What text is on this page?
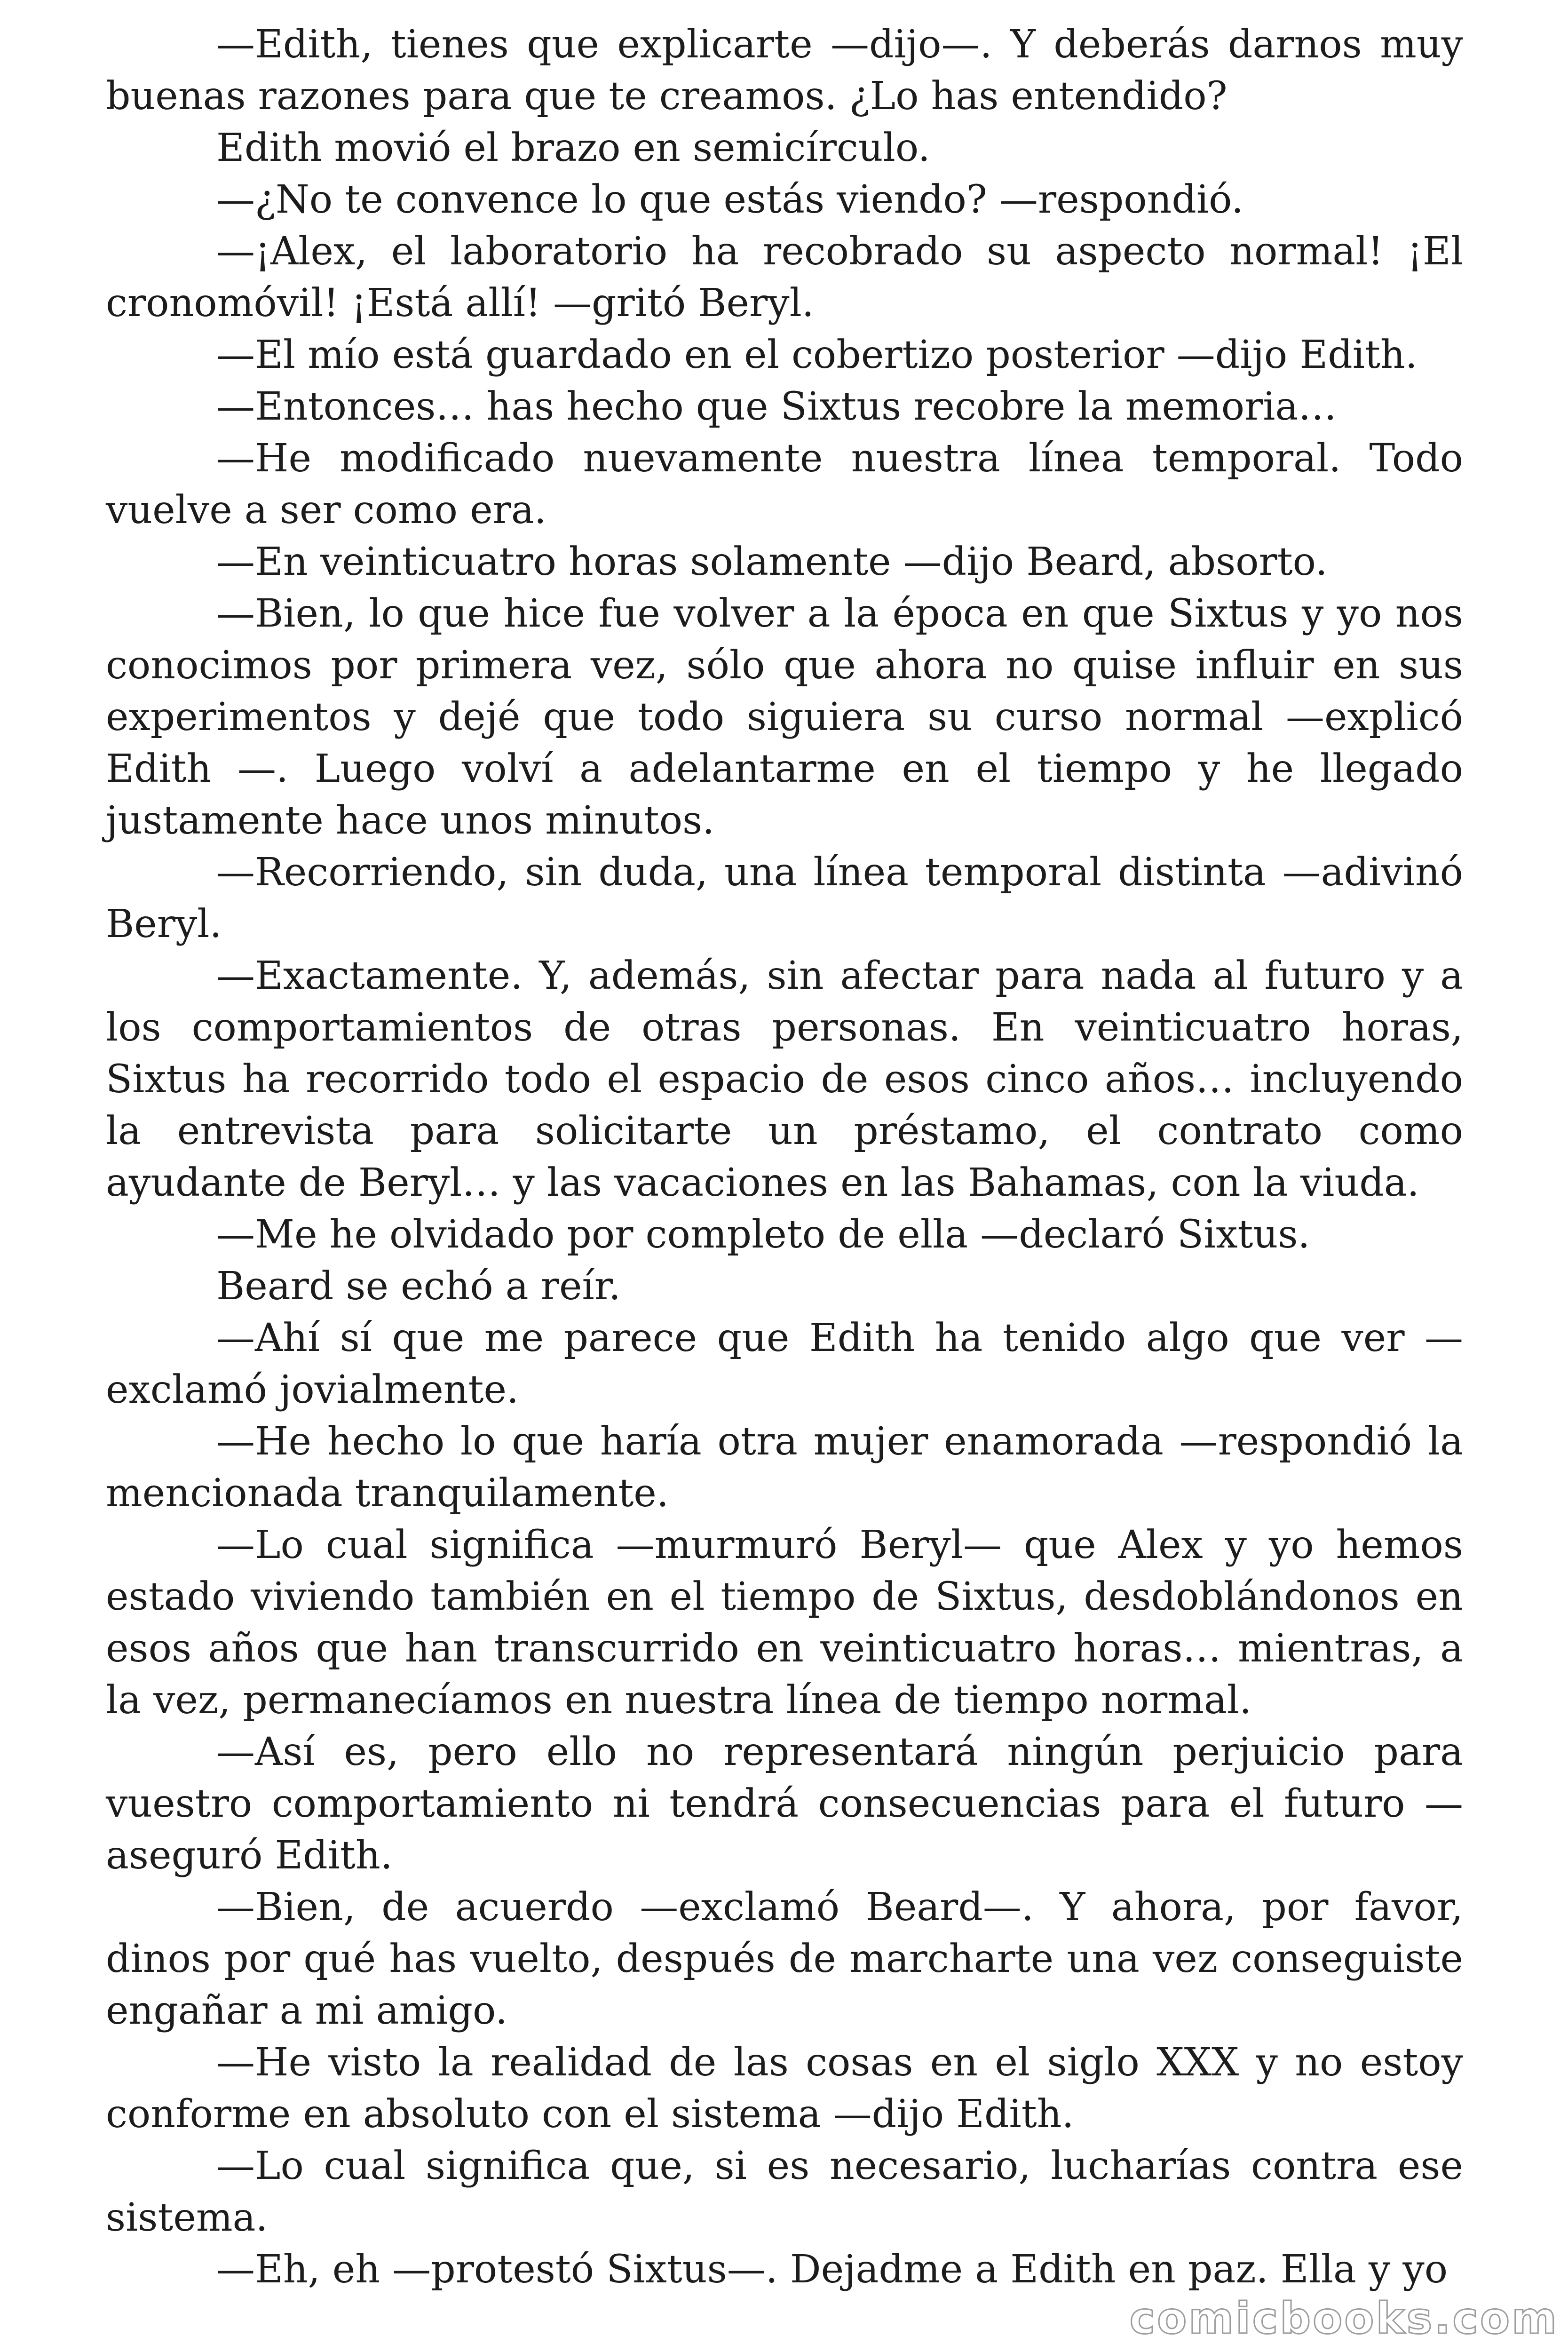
—Edith, tienes que explicarte —dijo—. Y deberás darnos muy buenas razones para que te creamos. ¿Lo has entendido?

Edith movió el brazo en semicírculo.

—¿No te convence lo que estás viendo? —respondió.

—¡Alex, el laboratorio ha recobrado su aspecto normal! ¡El cronomóvil! ¡Está allí! —gritó Beryl.

—El mío está guardado en el cobertizo posterior —dijo Edith.

—Entonces… has hecho que Sixtus recobre la memoria…

—He modificado nuevamente nuestra línea temporal. Todo vuelve a ser como era.

—En veinticuatro horas solamente —dijo Beard, absorto.

—Bien, lo que hice fue volver a la época en que Sixtus y yo nos conocimos por primera vez, sólo que ahora no quise influir en sus experimentos y dejé que todo siguiera su curso normal —explicó Edith —. Luego volví a adelantarme en el tiempo y he llegado justamente hace unos minutos.

—Recorriendo, sin duda, una línea temporal distinta —adivinó Beryl.

—Exactamente. Y, además, sin afectar para nada al futuro y a los comportamientos de otras personas. En veinticuatro horas, Sixtus ha recorrido todo el espacio de esos cinco años… incluyendo la entrevista para solicitarte un préstamo, el contrato como ayudante de Beryl… y las vacaciones en las Bahamas, con la viuda.

—Me he olvidado por completo de ella —declaró Sixtus.

Beard se echó a reír.

—Ahí sí que me parece que Edith ha tenido algo que ver — exclamó jovialmente.

—He hecho lo que haría otra mujer enamorada —respondió la mencionada tranquilamente.

—Lo cual significa —murmuró Beryl— que Alex y yo hemos estado viviendo también en el tiempo de Sixtus, desdoblándonos en esos años que han transcurrido en veinticuatro horas… mientras, a la vez, permanecíamos en nuestra línea de tiempo normal.

—Así es, pero ello no representará ningún perjuicio para vuestro comportamiento ni tendrá consecuencias para el futuro —aseguró Edith.

—Bien, de acuerdo —exclamó Beard—. Y ahora, por favor, dinos por qué has vuelto, después de marcharte una vez conseguiste engañar a mi amigo.

—He visto la realidad de las cosas en el siglo XXX y no estoy conforme en absoluto con el sistema —dijo Edith.

—Lo cual significa que, si es necesario, lucharías contra ese sistema.

—Eh, eh —protestó Sixtus—. Dejadme a Edith en paz. Ella y yo

comicbooks.com
